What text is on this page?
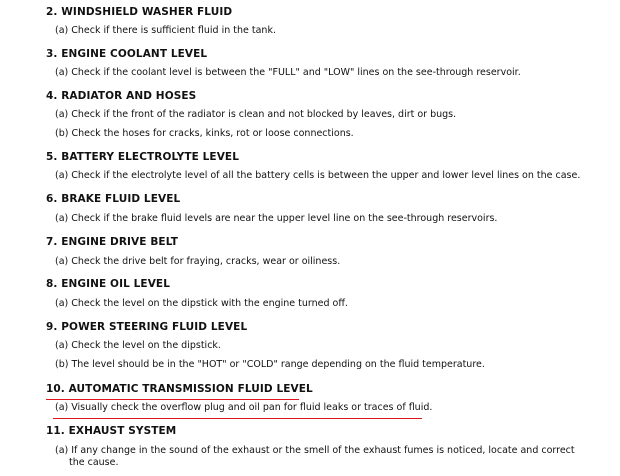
2. WINDSHIELD WASHER FLUID
(a) Check if there is sufficient fluid in the tank.
3. ENGINE COOLANT LEVEL
(a) Check if the coolant level is between the "FULL" and "LOW" lines on the see-through reservoir.
4. RADIATOR AND HOSES
(a) Check if the front of the radiator is clean and not blocked by leaves, dirt or bugs.
(b) Check the hoses for cracks, kinks, rot or loose connections.
5. BATTERY ELECTROLYTE LEVEL
(a) Check if the electrolyte level of all the battery cells is between the upper and lower level lines on the case.
6. BRAKE FLUID LEVEL
(a) Check if the brake fluid levels are near the upper level line on the see-through reservoirs.
7. ENGINE DRIVE BELT
(a) Check the drive belt for fraying, cracks, wear or oiliness.
8. ENGINE OIL LEVEL
(a) Check the level on the dipstick with the engine turned off.
9. POWER STEERING FLUID LEVEL
(a) Check the level on the dipstick.
(b) The level should be in the "HOT" or "COLD" range depending on the fluid temperature.
10. AUTOMATIC TRANSMISSION FLUID LEVEL
(a) Visually check the overflow plug and oil pan for fluid leaks or traces of fluid.
11. EXHAUST SYSTEM
(a) If any change in the sound of the exhaust or the smell of the exhaust fumes is noticed, locate and correct
the cause.
